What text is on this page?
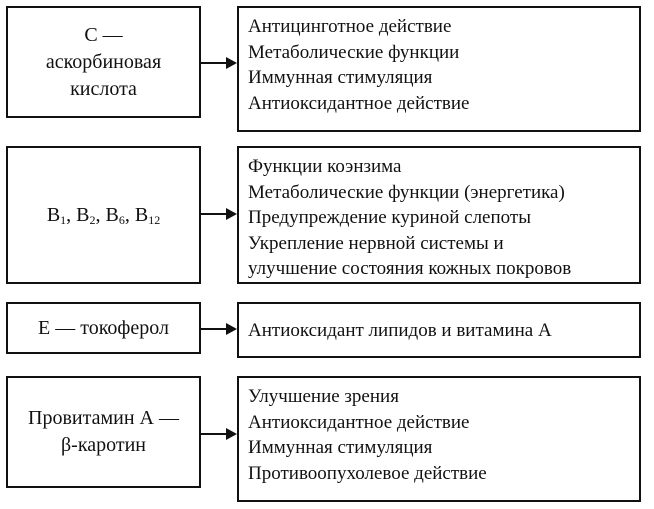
С — аскорбиновая кислота
Антицинготное действие
Метаболические функции
Иммунная стимуляция
Антиоксидантное действие
$B_1$, $B_2$, $B_6$, $B_{12}$
Функции коэнзима
Метаболические функции (энергетика)
Предупреждение куриной слепоты
Укрепление нервной системы и
улучшение состояния кожных покровов
Е — токоферол	Антиоксидант липидов и витамина А
Провитамин А — β-каротин
Улучшение зрения
Антиоксидантное действие
Иммунная стимуляция
Противоопухолевое действие
